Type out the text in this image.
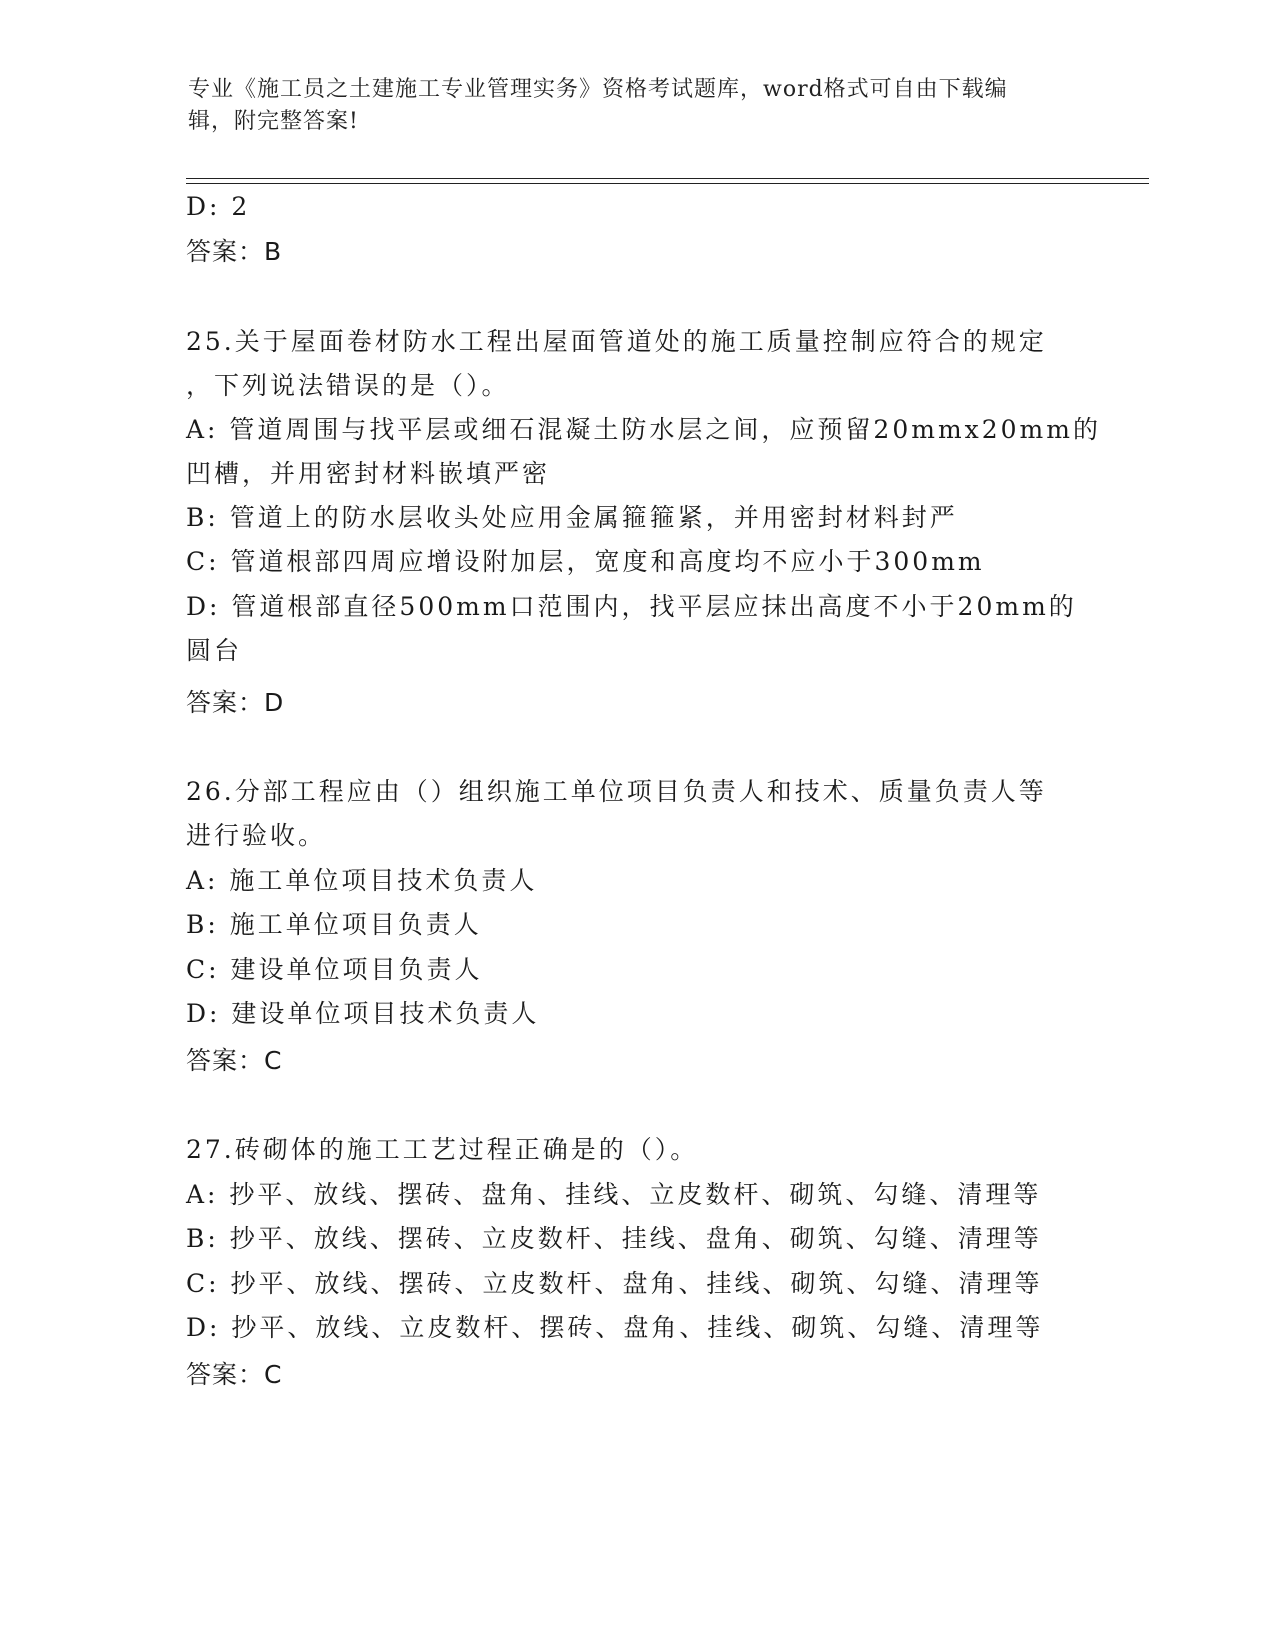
专业《施工员之土建施工专业管理实务》资格考试题库，word格式可自由下载编
辑，附完整答案!
D: 2
答案：B
25.关于屋面卷材防水工程出屋面管道处的施工质量控制应符合的规定
，下列说法错误的是（）。
A: 管道周围与找平层或细石混凝土防水层之间，应预留20mmx20mm的
凹槽，并用密封材料嵌填严密
B: 管道上的防水层收头处应用金属箍箍紧，并用密封材料封严
C: 管道根部四周应增设附加层，宽度和高度均不应小于300mm
D: 管道根部直径500mm口范围内，找平层应抹出高度不小于20mm的
圆台
答案：D
26.分部工程应由（）组织施工单位项目负责人和技术、质量负责人等
进行验收。
A: 施工单位项目技术负责人
B: 施工单位项目负责人
C: 建设单位项目负责人
D: 建设单位项目技术负责人
答案：C
27.砖砌体的施工工艺过程正确是的（）。
A: 抄平、放线、摆砖、盘角、挂线、立皮数杆、砌筑、勾缝、清理等
B: 抄平、放线、摆砖、立皮数杆、挂线、盘角、砌筑、勾缝、清理等
C: 抄平、放线、摆砖、立皮数杆、盘角、挂线、砌筑、勾缝、清理等
D: 抄平、放线、立皮数杆、摆砖、盘角、挂线、砌筑、勾缝、清理等
答案：C
